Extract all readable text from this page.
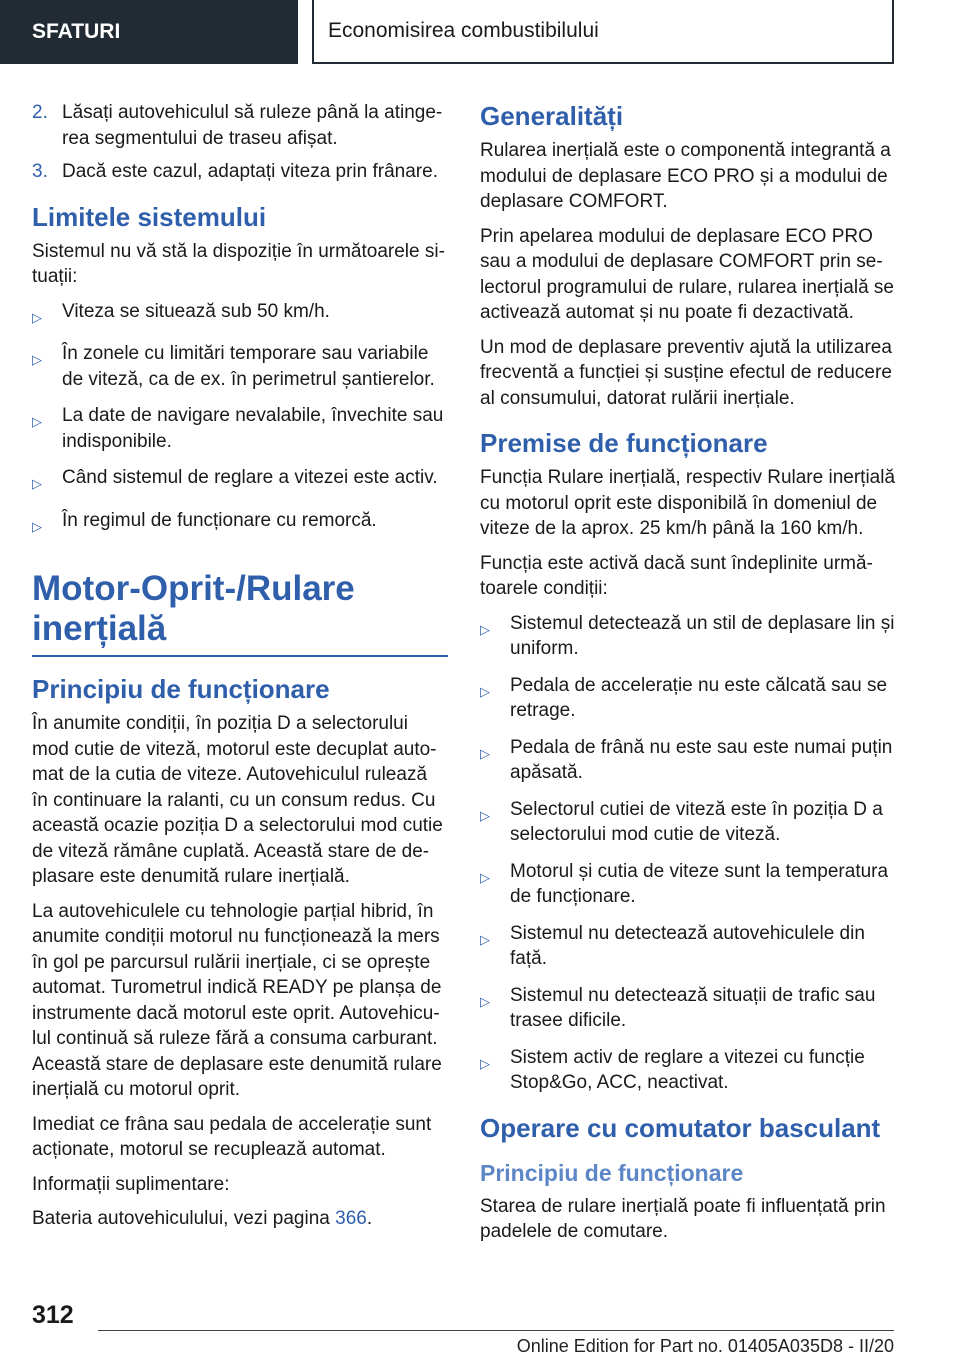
SFATURI	Economisirea combustibilului
2. Lăsați autovehiculul să ruleze până la atinge-rea segmentului de traseu afișat.
3. Dacă este cazul, adaptați viteza prin frânare.
Limitele sistemului

Sistemul nu vă stă la dispoziție în următoarele si-tuații:

▷	Viteza se situează sub 50 km/h.
▷	În zonele cu limitări temporare sau variabile de viteză, ca de ex. în perimetrul șantierelor.
▷	La date de navigare nevalabile, învechite sau indisponibile.
▷	Când sistemul de reglare a vitezei este activ.
▷	În regimul de funcționare cu remorcă.
Motor-Oprit-/Rulare inerțială
Principiu de funcționare

În anumite condiții, în poziția D a selectorului mod cutie de viteză, motorul este decuplat auto-mat de la cutia de viteze. Autovehiculul rulează în continuare la ralanti, cu un consum redus. Cu această ocazie poziția D a selectorului mod cutie de viteză rămâne cuplată. Această stare de de-plasare este denumită rulare inerțială.

La autovehiculele cu tehnologie parțial hibrid, în anumite condiții motorul nu funcționează la mers în gol pe parcursul rulării inerțiale, ci se oprește automat. Turometrul indică READY pe planșa de instrumente dacă motorul este oprit. Autovehicu-lul continuă să ruleze fără a consuma carburant. Această stare de deplasare este denumită rulare inerțială cu motorul oprit.

Imediat ce frâna sau pedala de accelerație sunt acționate, motorul se recuplează automat.

Informații suplimentare:

Bateria autovehiculului, vezi pagina 366.

Generalități

Rularea inerțială este o componentă integrantă a modului de deplasare ECO PRO și a modului de deplasare COMFORT.

Prin apelarea modului de deplasare ECO PRO sau a modului de deplasare COMFORT prin se-lectorul programului de rulare, rularea inerțială se activează automat și nu poate fi dezactivată.

Un mod de deplasare preventiv ajută la utilizarea frecventă a funcției și susține efectul de reducere al consumului, datorat rulării inerțiale.

Premise de funcționare

Funcția Rulare inerțială, respectiv Rulare inerțială cu motorul oprit este disponibilă în domeniul de viteze de la aprox. 25 km/h până la 160 km/h.

Funcția este activă dacă sunt îndeplinite urmă-toarele condiții:

▷	Sistemul detectează un stil de deplasare lin și uniform.
▷	Pedala de accelerație nu este călcată sau se retrage.
▷	Pedala de frână nu este sau este numai puțin apăsată.
▷	Selectorul cutiei de viteză este în poziția D a selectorului mod cutie de viteză.
▷	Motorul și cutia de viteze sunt la temperatura de funcționare.
▷	Sistemul nu detectează autovehiculele din față.
▷	Sistemul nu detectează situații de trafic sau trasee dificile.
▷	Sistem activ de reglare a vitezei cu funcție Stop&Go, ACC, neactivat.
Operare cu comutator basculant
Principiu de funcționare

Starea de rulare inerțială poate fi influențată prin padelele de comutare.

312
Online Edition for Part no. 01405A035D8 - II/20
